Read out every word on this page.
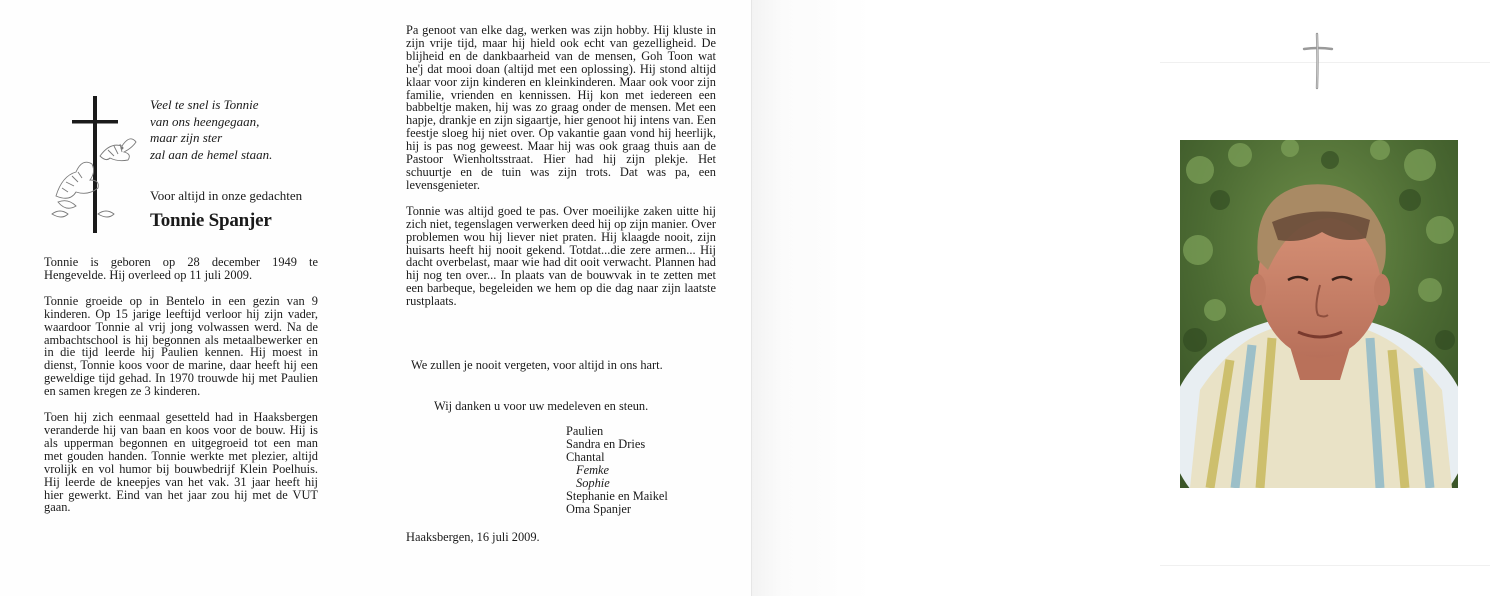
Veel te snel is Tonnie
van ons heengegaan,
maar zijn ster
zal aan de hemel staan.
Voor altijd in onze gedachten
Tonnie Spanjer

Tonnie is geboren op 28 december 1949 te Hengevelde. Hij overleed op 11 juli 2009.

Tonnie groeide op in Bentelo in een gezin van 9 kinderen. Op 15 jarige leeftijd verloor hij zijn vader, waardoor Tonnie al vrij jong volwassen werd. Na de ambachtschool is hij begonnen als metaalbewerker en in die tijd leerde hij Paulien kennen. Hij moest in dienst, Tonnie koos voor de marine, daar heeft hij een geweldige tijd gehad. In 1970 trouwde hij met Paulien en samen kregen ze 3 kinderen.

Toen hij zich eenmaal gesetteld had in Haaksbergen veranderde hij van baan en koos voor de bouw. Hij is als upperman begonnen en uitgegroeid tot een man met gouden handen. Tonnie werkte met plezier, altijd vrolijk en vol humor bij bouwbedrijf Klein Poelhuis. Hij leerde de kneepjes van het vak. 31 jaar heeft hij hier gewerkt. Eind van het jaar zou hij met de VUT gaan.

Pa genoot van elke dag, werken was zijn hobby. Hij kluste in zijn vrije tijd, maar hij hield ook echt van gezelligheid. De blijheid en de dankbaarheid van de mensen, Goh Toon wat he'j dat mooi doan (altijd met een oplossing). Hij stond altijd klaar voor zijn kinderen en kleinkinderen. Maar ook voor zijn familie, vrienden en kennissen. Hij kon met iedereen een babbeltje maken, hij was zo graag onder de mensen. Met een hapje, drankje en zijn sigaartje, hier genoot hij intens van. Een feestje sloeg hij niet over. Op vakantie gaan vond hij heerlijk, hij is pas nog geweest. Maar hij was ook graag thuis aan de Pastoor Wienholtsstraat. Hier had hij zijn plekje. Het schuurtje en de tuin was zijn trots. Dat was pa, een levensgenieter.

Tonnie was altijd goed te pas. Over moeilijke zaken uitte hij zich niet, tegenslagen verwerken deed hij op zijn manier. Over problemen wou hij liever niet praten. Hij klaagde nooit, zijn huisarts heeft hij nooit gekend. Totdat...die zere armen... Hij dacht overbelast, maar wie had dit ooit verwacht. Plannen had hij nog ten over... In plaats van de bouwvak in te zetten met een barbeque, begeleiden we hem op die dag naar zijn laatste rustplaats.

We zullen je nooit vergeten, voor altijd in ons hart.
Wij danken u voor uw medeleven en steun.
Paulien
Sandra en Dries
Chantal
Femke
Sophie
Stephanie en Maikel
Oma Spanjer
Haaksbergen, 16 juli 2009.
